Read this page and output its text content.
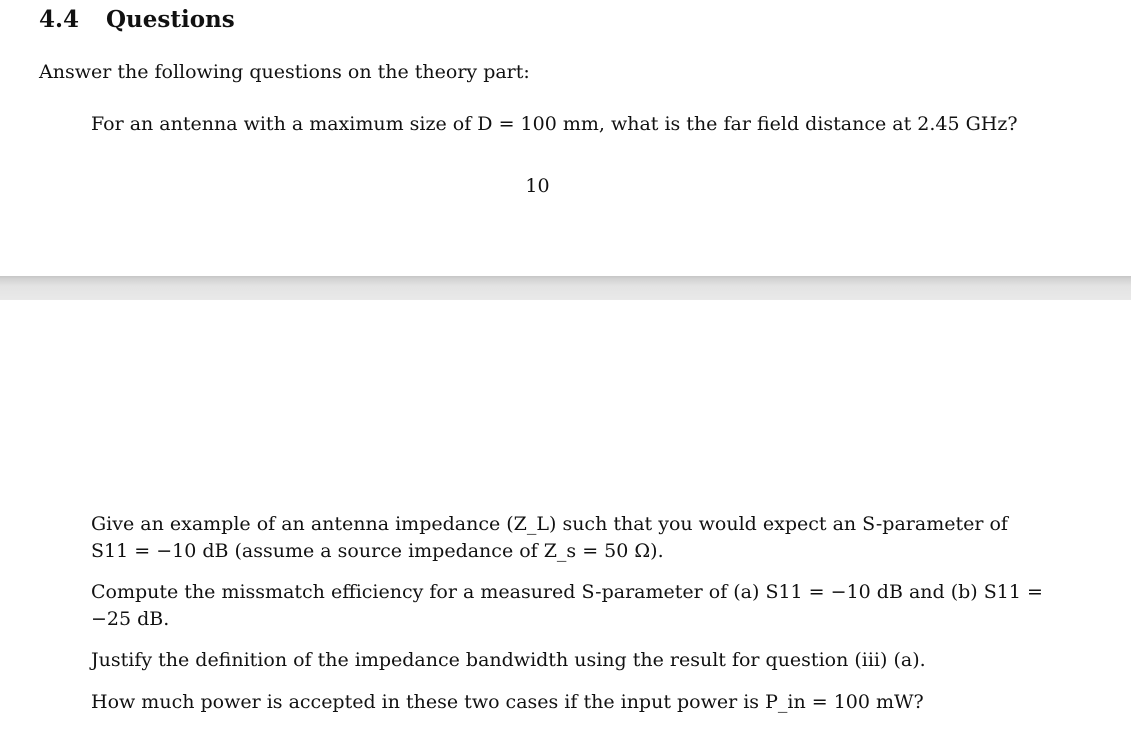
4.4 Questions
Answer the following questions on the theory part:
For an antenna with a maximum size of D = 100 mm, what is the far field distance at 2.45 GHz?
10
Give an example of an antenna impedance (Z_L) such that you would expect an S-parameter of
S11 = −10 dB (assume a source impedance of Z_s = 50 Ω).
Compute the missmatch efficiency for a measured S-parameter of (a) S11 = −10 dB and (b) S11 =
−25 dB.
Justify the definition of the impedance bandwidth using the result for question (iii) (a).
How much power is accepted in these two cases if the input power is P_in = 100 mW?
